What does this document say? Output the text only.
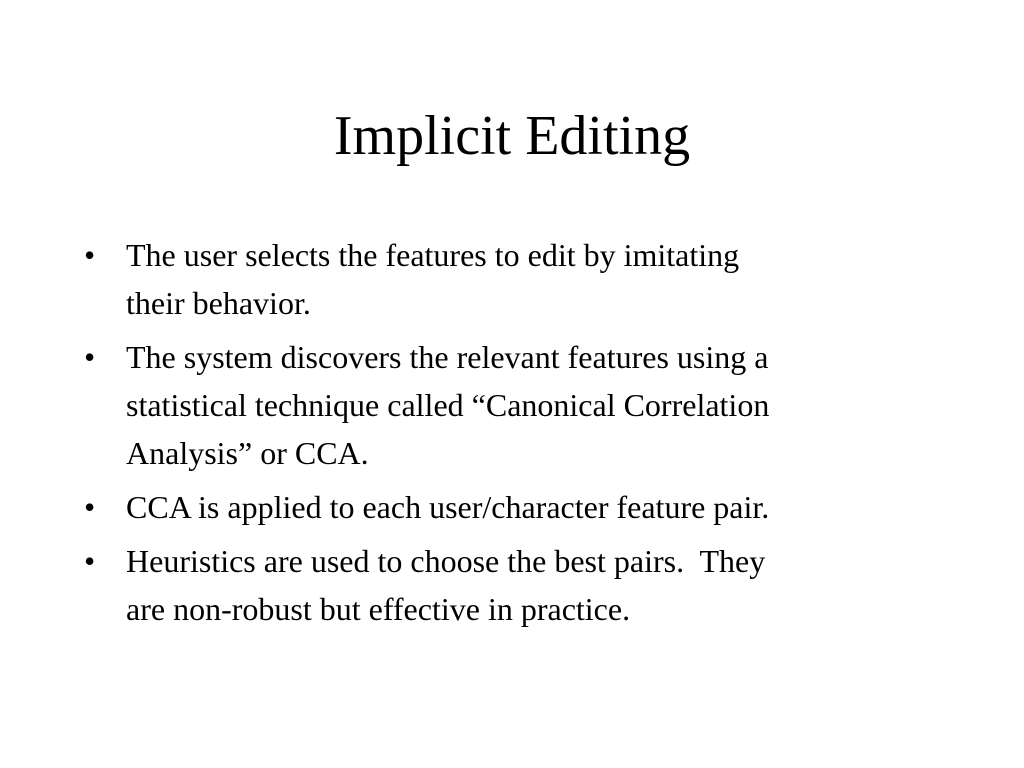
Implicit Editing
• The user selects the features to edit by imitating
their behavior.
• The system discovers the relevant features using a
statistical technique called “Canonical Correlation
Analysis” or CCA.
• CCA is applied to each user/character feature pair.
• Heuristics are used to choose the best pairs.  They
are non-robust but effective in practice.
